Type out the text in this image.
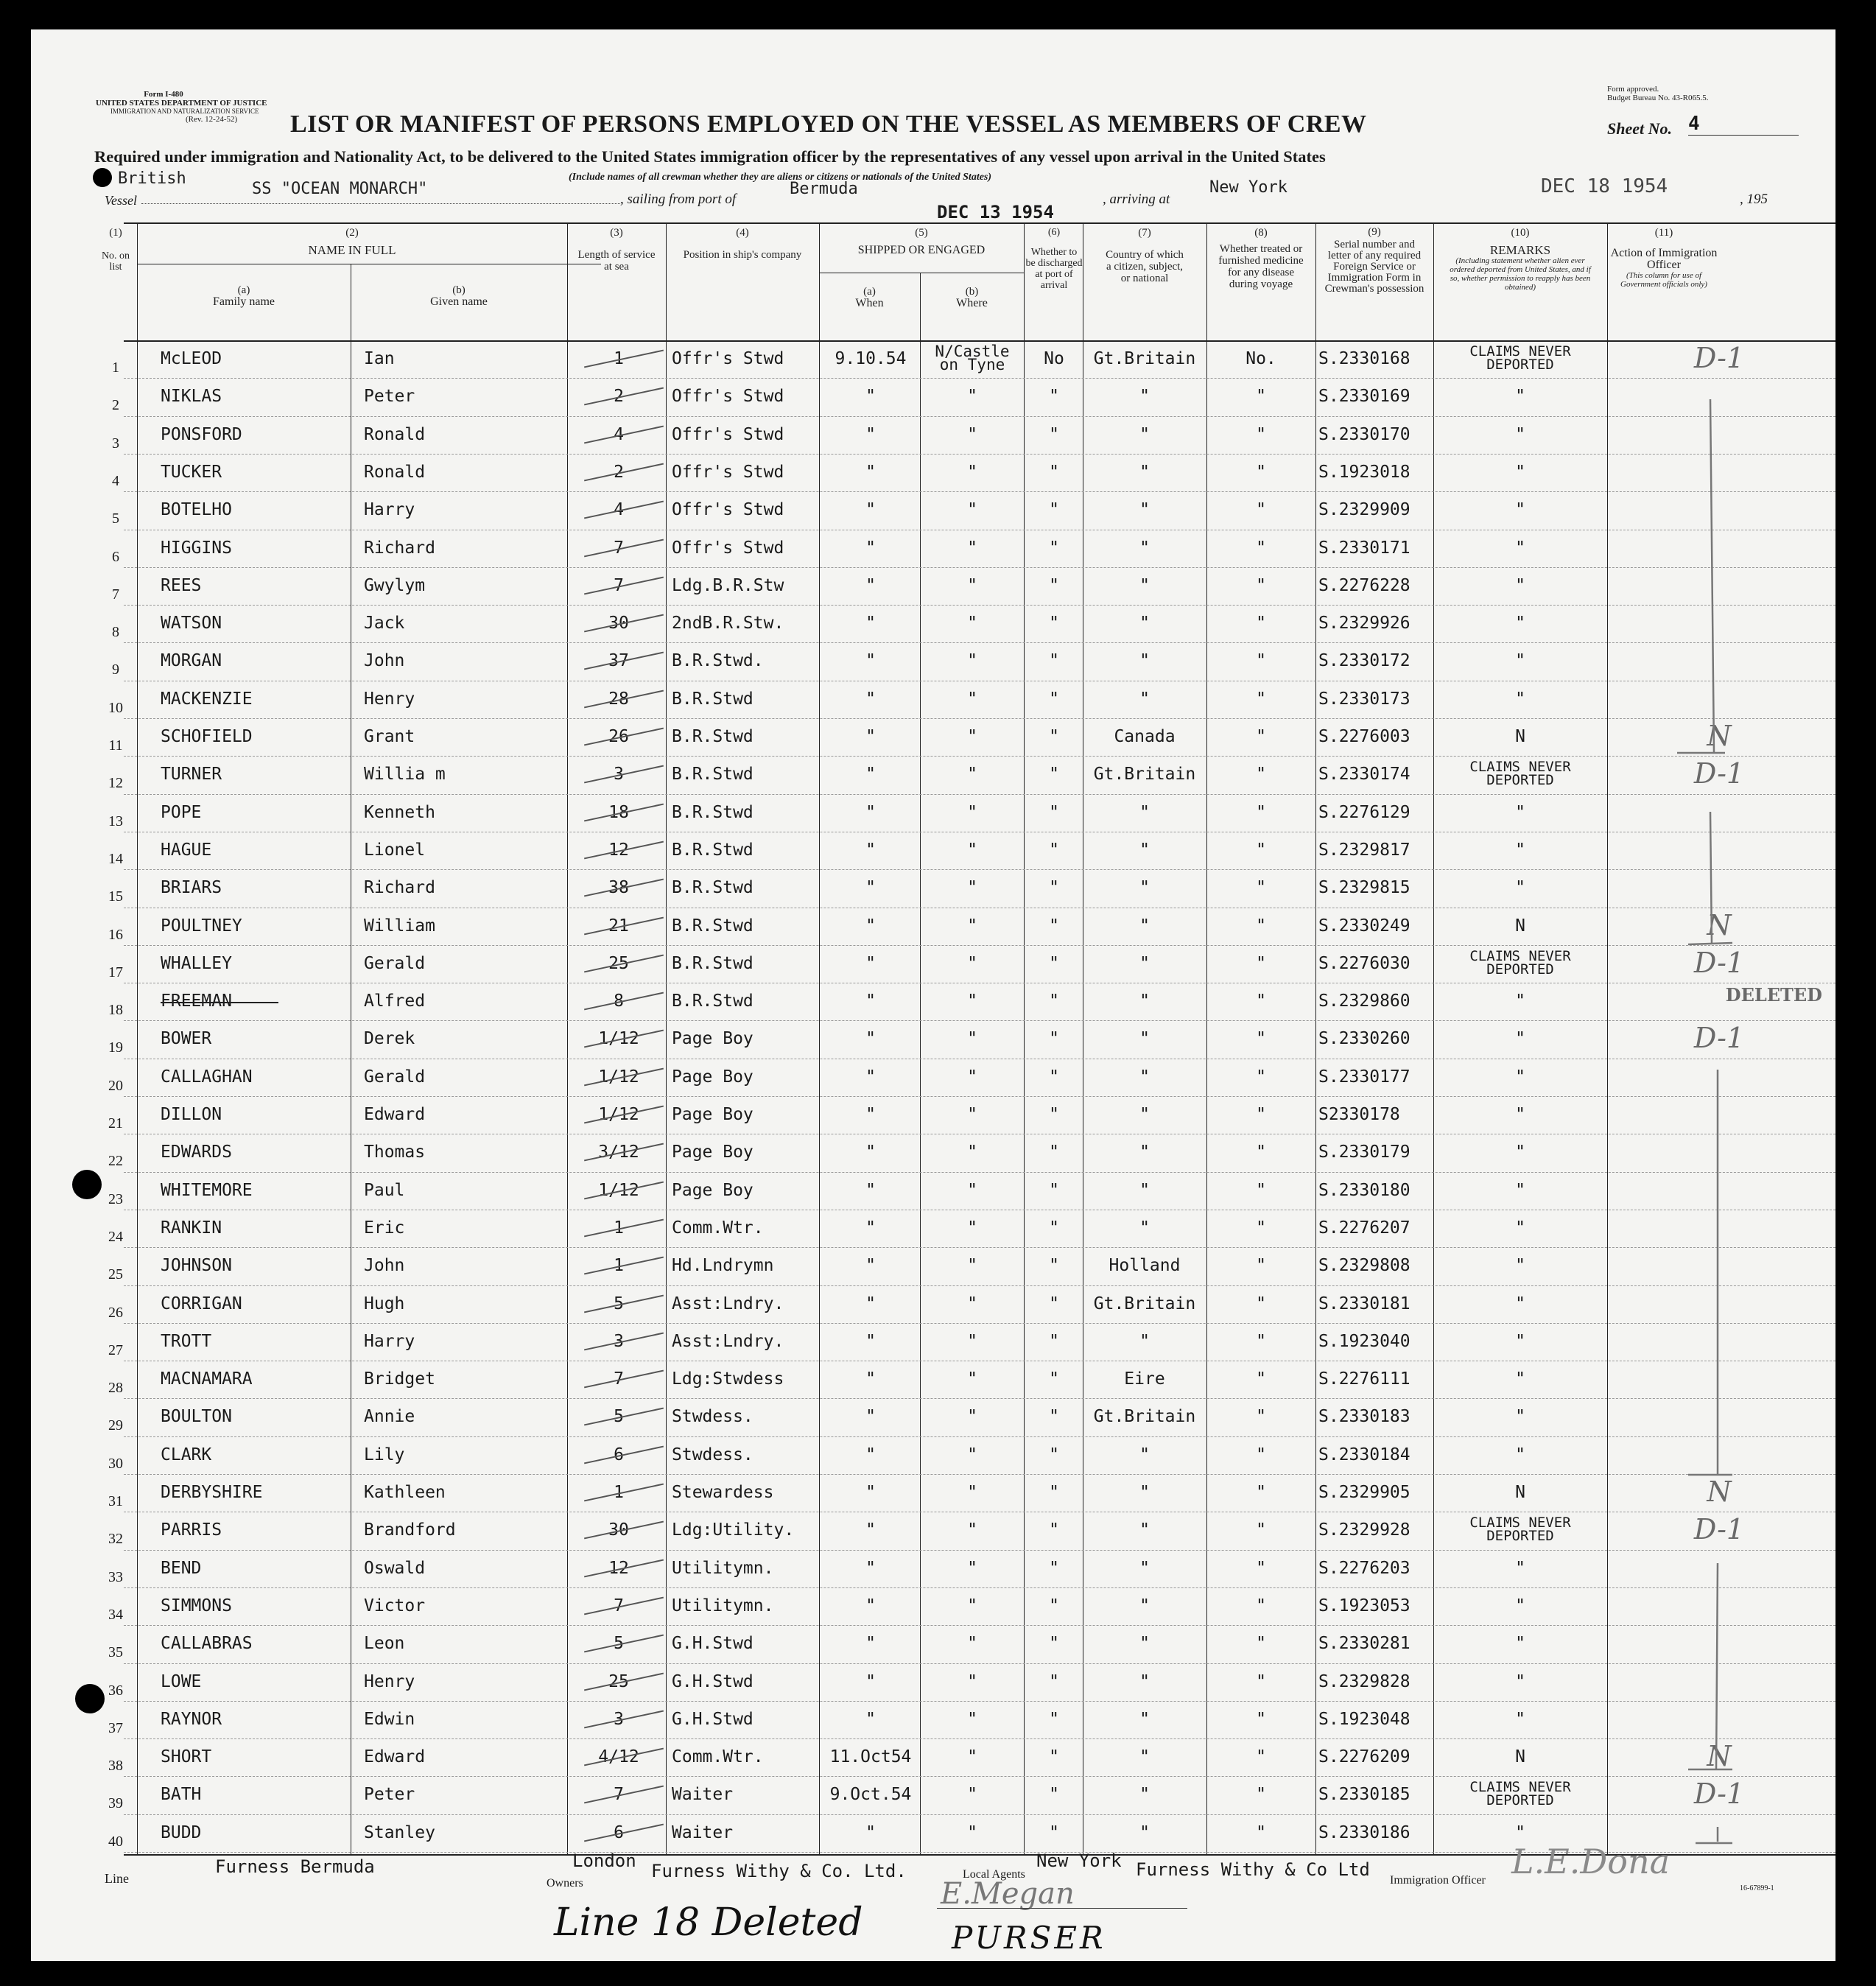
Form I-480
UNITED STATES DEPARTMENT OF JUSTICE
IMMIGRATION AND NATURALIZATION SERVICE
(Rev. 12-24-52)
Form approved.
Budget Bureau No. 43-R065.5.
LIST OR MANIFEST OF PERSONS EMPLOYED ON THE VESSEL AS MEMBERS OF CREW	Sheet No. 4
Required under immigration and Nationality Act, to be delivered to the United States immigration officer by the representatives of any vessel upon arrival in the United States
(Include names of all crewman whether they are aliens or citizens or nationals of the United States)
British
Vessel
SS "OCEAN MONARCH"
, sailing from port of
Bermuda
DEC 13 1954
, arriving at
New York	DEC 18 1954
, 195
(1)
No. on list
(2)
NAME IN FULL
(a)
Family name
(b)
Given name
(3)
Length of service at sea
(4)
Position in ship's company
(5)
SHIPPED OR ENGAGED
(a)
When
(b)
Where
(6)
Whether to be discharged at port of arrival
(7)
Country of which a citizen, subject, or national
(8)
Whether treated or furnished medicine for any disease during voyage
(9)
Serial number and letter of any required Foreign Service or Immigration Form in Crewman's possession
(10)
REMARKS
(Including statement whether alien ever ordered deported from United States, and if so, whether permission to reapply has been obtained)
(11)
Action of Immigration Officer
(This column for use of Government officials only)
1	McLEOD	Ian	1	Offr's Stwd	9.10.54	N/Castle on Tyne	No	Gt.Britain	No.	S.2330168	CLAIMS NEVER DEPORTED	D-1
2	NIKLAS	Peter	2	Offr's Stwd	"	"	"	"	"	S.2330169	"
3	PONSFORD	Ronald	4	Offr's Stwd	"	"	"	"	"	S.2330170	"
4	TUCKER	Ronald	2	Offr's Stwd	"	"	"	"	"	S.1923018	"
5	BOTELHO	Harry	4	Offr's Stwd	"	"	"	"	"	S.2329909	"
6	HIGGINS	Richard	7	Offr's Stwd	"	"	"	"	"	S.2330171	"
7	REES	Gwylym	7	Ldg.B.R.Stw	"	"	"	"	"	S.2276228	"
8	WATSON	Jack	30	2ndB.R.Stw.	"	"	"	"	"	S.2329926	"
9	MORGAN	John	37	B.R.Stwd.	"	"	"	"	"	S.2330172	"
10	MACKENZIE	Henry	28	B.R.Stwd	"	"	"	"	"	S.2330173	"
11	SCHOFIELD	Grant	26	B.R.Stwd	"	"	"	Canada	"	S.2276003	N	N
12	TURNER	Willia m	3	B.R.Stwd	"	"	"	Gt.Britain	"	S.2330174	CLAIMS NEVER DEPORTED	D-1
13	POPE	Kenneth	18	B.R.Stwd	"	"	"	"	"	S.2276129	"
14	HAGUE	Lionel	12	B.R.Stwd	"	"	"	"	"	S.2329817	"
15	BRIARS	Richard	38	B.R.Stwd	"	"	"	"	"	S.2329815	"
16	POULTNEY	William	21	B.R.Stwd	"	"	"	"	"	S.2330249	N	N
17	WHALLEY	Gerald	25	B.R.Stwd	"	"	"	"	"	S.2276030	CLAIMS NEVER DEPORTED	D-1
18	FREEMAN	Alfred	8	B.R.Stwd	"	"	"	"	"	S.2329860	"	DELETED
19	BOWER	Derek	1/12	Page Boy	"	"	"	"	"	S.2330260	"	D-1
20	CALLAGHAN	Gerald	1/12	Page Boy	"	"	"	"	"	S.2330177	"
21	DILLON	Edward	1/12	Page Boy	"	"	"	"	"	S2330178	"
22	EDWARDS	Thomas	3/12	Page Boy	"	"	"	"	"	S.2330179	"
23	WHITEMORE	Paul	1/12	Page Boy	"	"	"	"	"	S.2330180	"
24	RANKIN	Eric	1	Comm.Wtr.	"	"	"	"	"	S.2276207	"
25	JOHNSON	John	1	Hd.Lndrymn	"	"	"	Holland	"	S.2329808	"
26	CORRIGAN	Hugh	5	Asst:Lndry.	"	"	"	Gt.Britain	"	S.2330181	"
27	TROTT	Harry	3	Asst:Lndry.	"	"	"	"	"	S.1923040	"
28	MACNAMARA	Bridget	7	Ldg:Stwdess	"	"	"	Eire	"	S.2276111	"
29	BOULTON	Annie	5	Stwdess.	"	"	"	Gt.Britain	"	S.2330183	"
30	CLARK	Lily	6	Stwdess.	"	"	"	"	"	S.2330184	"
31	DERBYSHIRE	Kathleen	1	Stewardess	"	"	"	"	"	S.2329905	N	N
32	PARRIS	Brandford	30	Ldg:Utility.	"	"	"	"	"	S.2329928	CLAIMS NEVER DEPORTED	D-1
33	BEND	Oswald	12	Utilitymn.	"	"	"	"	"	S.2276203	"
34	SIMMONS	Victor	7	Utilitymn.	"	"	"	"	"	S.1923053	"
35	CALLABRAS	Leon	5	G.H.Stwd	"	"	"	"	"	S.2330281	"
36	LOWE	Henry	25	G.H.Stwd	"	"	"	"	"	S.2329828	"
37	RAYNOR	Edwin	3	G.H.Stwd	"	"	"	"	"	S.1923048	"
38	SHORT	Edward	4/12	Comm.Wtr.	11.Oct54	"	"	"	"	S.2276209	N	N
39	BATH	Peter	7	Waiter	9.Oct.54	"	"	"	"	S.2330185	CLAIMS NEVER DEPORTED	D-1
40	BUDD	Stanley	6	Waiter	"	"	"	"	"	S.2330186	"
Line
Furness Bermuda
Owners
London Furness Withy & Co. Ltd.	Local Agents
New York Furness Withy & Co Ltd
Immigration Officer L.E.Dona
E.Megan	16-67899-1
Line 18 Deleted	PURSER
